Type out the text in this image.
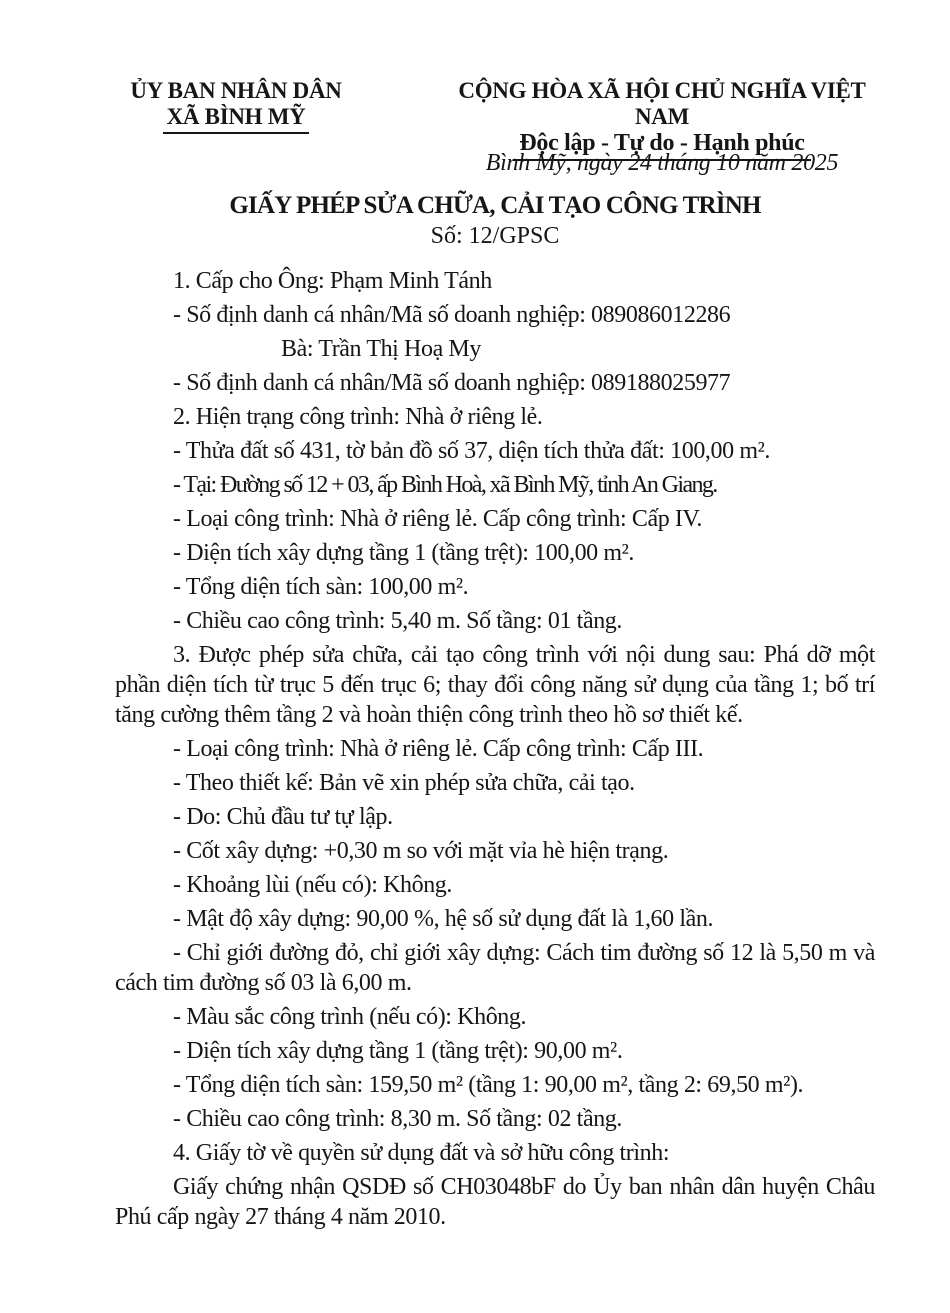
ỦY BAN NHÂN DÂN
XÃ BÌNH MỸ
CỘNG HÒA XÃ HỘI CHỦ NGHĨA VIỆT NAM
Độc lập - Tự do - Hạnh phúc
Bình Mỹ, ngày 24 tháng 10 năm 2025
GIẤY PHÉP SỬA CHỮA, CẢI TẠO CÔNG TRÌNH
Số: 12/GPSC

1. Cấp cho Ông: Phạm Minh Tánh

- Số định danh cá nhân/Mã số doanh nghiệp: 089086012286

Bà: Trần Thị Hoạ My

- Số định danh cá nhân/Mã số doanh nghiệp: 089188025977

2. Hiện trạng công trình: Nhà ở riêng lẻ.

- Thửa đất số 431, tờ bản đồ số 37, diện tích thửa đất: 100,00 m².

- Tại: Đường số 12 + 03, ấp Bình Hoà, xã Bình Mỹ, tỉnh An Giang.

- Loại công trình: Nhà ở riêng lẻ. Cấp công trình: Cấp IV.

- Diện tích xây dựng tầng 1 (tầng trệt): 100,00 m².

- Tổng diện tích sàn: 100,00 m².

- Chiều cao công trình: 5,40 m. Số tầng: 01 tầng.

3. Được phép sửa chữa, cải tạo công trình với nội dung sau: Phá dỡ một phần diện tích từ trục 5 đến trục 6; thay đổi công năng sử dụng của tầng 1; bố trí tăng cường thêm tầng 2 và hoàn thiện công trình theo hồ sơ thiết kế.

- Loại công trình: Nhà ở riêng lẻ. Cấp công trình: Cấp III.

- Theo thiết kế: Bản vẽ xin phép sửa chữa, cải tạo.

- Do: Chủ đầu tư tự lập.

- Cốt xây dựng: +0,30 m so với mặt vỉa hè hiện trạng.

- Khoảng lùi (nếu có): Không.

- Mật độ xây dựng: 90,00 %, hệ số sử dụng đất là 1,60 lần.

- Chỉ giới đường đỏ, chỉ giới xây dựng: Cách tim đường số 12 là 5,50 m và cách tim đường số 03 là 6,00 m.

- Màu sắc công trình (nếu có): Không.

- Diện tích xây dựng tầng 1 (tầng trệt): 90,00 m².

- Tổng diện tích sàn: 159,50 m² (tầng 1: 90,00 m², tầng 2: 69,50 m²).

- Chiều cao công trình: 8,30 m. Số tầng: 02 tầng.

4. Giấy tờ về quyền sử dụng đất và sở hữu công trình:

Giấy chứng nhận QSDĐ số CH03048bF do Ủy ban nhân dân huyện Châu Phú cấp ngày 27 tháng 4 năm 2010.
